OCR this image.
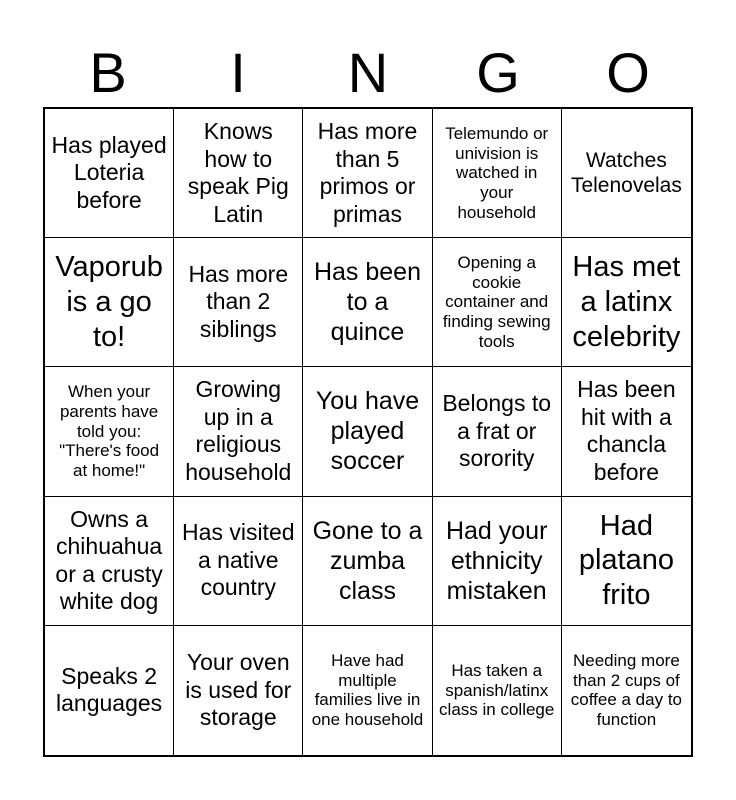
B	I	N	G	O
Has played Loteria before
Knows how to speak Pig Latin
Has more than 5 primos or primas
Telemundo or univision is watched in your household
Watches Telenovelas
Vaporub is a go to!
Has more than 2 siblings
Has been to a quince
Opening a cookie container and finding sewing tools
Has met a latinx celebrity
When your parents have told you: "There's food at home!"
Growing up in a religious household
You have played soccer
Belongs to a frat or sorority
Has been hit with a chancla before
Owns a chihuahua or a crusty white dog
Has visited a native country
Gone to a zumba class
Had your ethnicity mistaken
Had platano frito
Speaks 2 languages
Your oven is used for storage
Have had multiple families live in one household
Has taken a spanish/latinx class in college
Needing more than 2 cups of coffee a day to function
